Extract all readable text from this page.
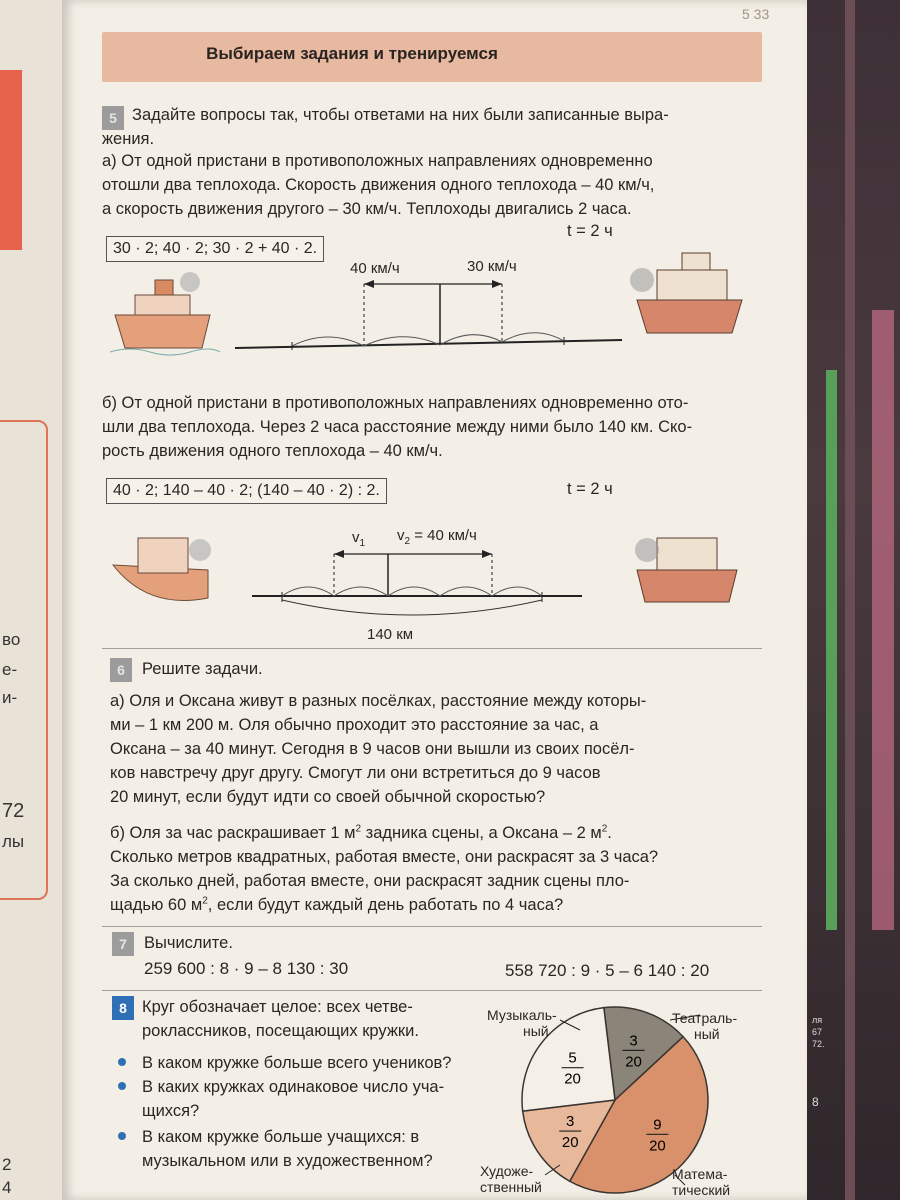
во
е-
и-
72
лы
2
4
ля
67
72.
8
5 33
Выбираем задания и тренируемся
5 Задайте вопросы так, чтобы ответами на них были записанные выра-
жения.
а) От одной пристани в противоположных направлениях одновременно
отошли два теплохода. Скорость движения одного теплохода – 40 км/ч,
а скорость движения другого – 30 км/ч. Теплоходы двигались 2 часа.
30 · 2; 40 · 2; 30 · 2 + 40 · 2.
t = 2 ч
40 км/ч	30 км/ч
б) От одной пристани в противоположных направлениях одновременно ото-
шли два теплохода. Через 2 часа расстояние между ними было 140 км. Ско-
рость движения одного теплохода – 40 км/ч.
40 · 2; 140 – 40 · 2; (140 – 40 · 2) : 2.	t = 2 ч
$v_1$ $v_2 = 40$ км/ч
140 км
6	Решите задачи.
а) Оля и Оксана живут в разных посёлках, расстояние между которы-
ми – 1 км 200 м. Оля обычно проходит это расстояние за час, а
Оксана – за 40 минут. Сегодня в 9 часов они вышли из своих посёл-
ков навстречу друг другу. Смогут ли они встретиться до 9 часов
20 минут, если будут идти со своей обычной скоростью?
б) Оля за час раскрашивает 1 $м^2$ задника сцены, а Оксана – 2 $м^2$.
Сколько метров квадратных, работая вместе, они раскрасят за 3 часа?
За сколько дней, работая вместе, они раскрасят задник сцены пло-
щадью 60 $м^2$, если будут каждый день работать по 4 часа?
7	Вычислите.
259 600 : 8 · 9 – 8 130 : 30	558 720 : 9 · 5 – 6 140 : 20
8 Круг обозначает целое: всех четве-
роклассников, посещающих кружки.
В каком кружке больше всего учеников?
В каких кружках одинаковое число уча-
щихся?
В каком кружке больше учащихся: в
музыкальном или в художественном?
3
20
9
20
3
20
5
20
Музыкаль-
ный
Театраль-
ный
Художе-
ственный
Матема-
тический
